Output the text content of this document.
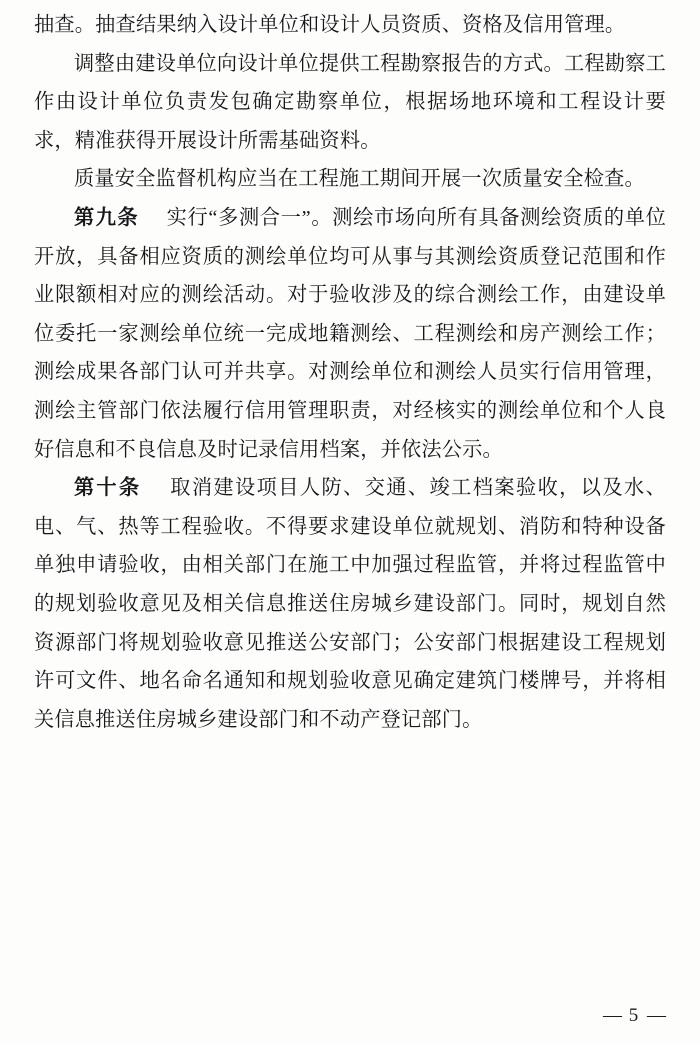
抽查。抽查结果纳入设计单位和设计人员资质、资格及信用管理。

调整由建设单位向设计单位提供工程勘察报告的方式。工程勘察工作由设计单位负责发包确定勘察单位，根据场地环境和工程设计要求，精准获得开展设计所需基础资料。

质量安全监督机构应当在工程施工期间开展一次质量安全检查。

第九条 实行“多测合一”。测绘市场向所有具备测绘资质的单位开放，具备相应资质的测绘单位均可从事与其测绘资质登记范围和作业限额相对应的测绘活动。对于验收涉及的综合测绘工作，由建设单位委托一家测绘单位统一完成地籍测绘、工程测绘和房产测绘工作；测绘成果各部门认可并共享。对测绘单位和测绘人员实行信用管理，测绘主管部门依法履行信用管理职责，对经核实的测绘单位和个人良好信息和不良信息及时记录信用档案，并依法公示。

第十条 取消建设项目人防、交通、竣工档案验收，以及水、电、气、热等工程验收。不得要求建设单位就规划、消防和特种设备单独申请验收，由相关部门在施工中加强过程监管，并将过程监管中的规划验收意见及相关信息推送住房城乡建设部门。同时，规划自然资源部门将规划验收意见推送公安部门；公安部门根据建设工程规划许可文件、地名命名通知和规划验收意见确定建筑门楼牌号，并将相关信息推送住房城乡建设部门和不动产登记部门。

— 5 —
